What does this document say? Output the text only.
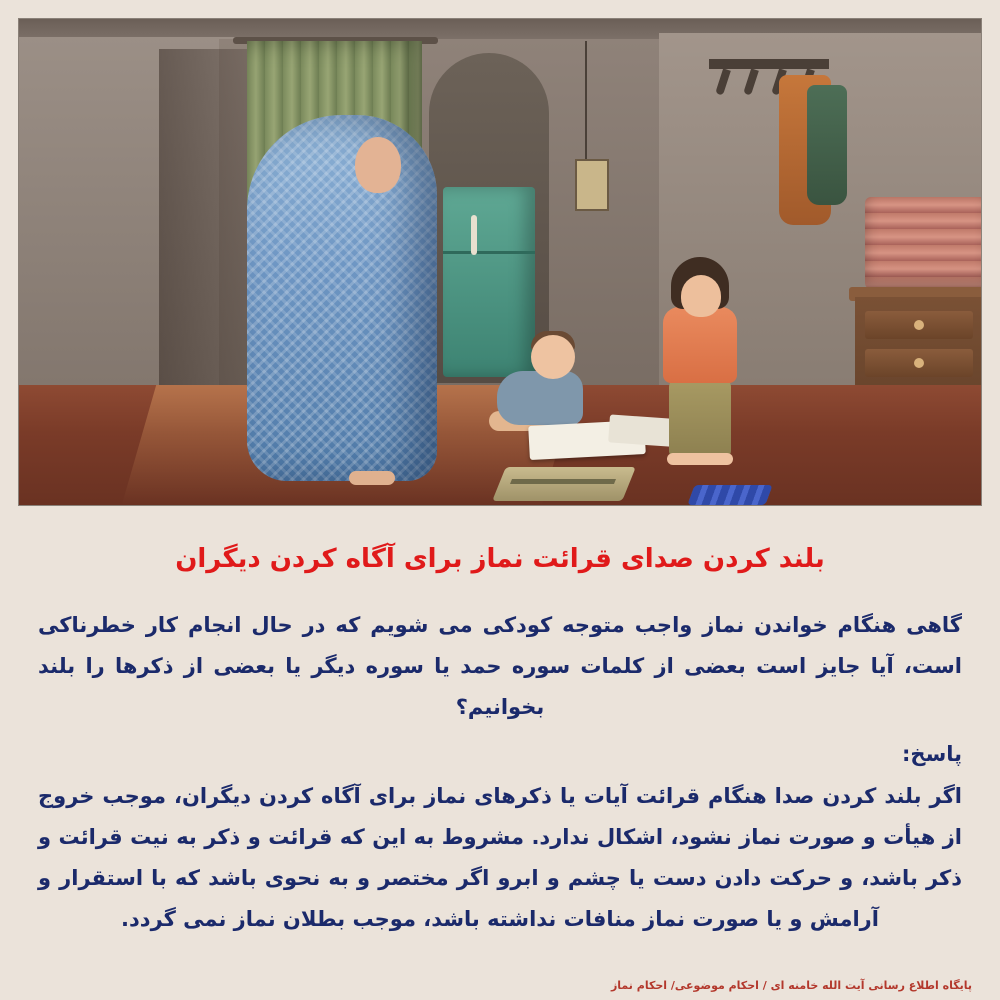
بلند کردن صدای قرائت نماز برای آگاه کردن دیگران

گاهی هنگام خواندن نماز واجب متوجه کودکی می شویم که در حال انجام کار خطرناکی است، آیا جایز است بعضی از کلمات سوره حمد یا سوره دیگر یا بعضی از ذکرها را بلند بخوانیم؟

پاسخ:

اگر بلند کردن صدا هنگام قرائت آیات یا ذکرهای نماز برای آگاه کردن دیگران، موجب خروج از هیأت و صورت نماز نشود، اشکال ندارد. مشروط به این که قرائت و ذکر به نیت قرائت و ذکر باشد، و حرکت دادن دست یا چشم و ابرو اگر مختصر و به نحوی باشد که با استقرار و آرامش و یا صورت نماز منافات نداشته باشد، موجب بطلان نماز نمی گردد.

پایگاه اطلاع رسانی آیت الله خامنه ای / احکام موضوعی/ احکام نماز
